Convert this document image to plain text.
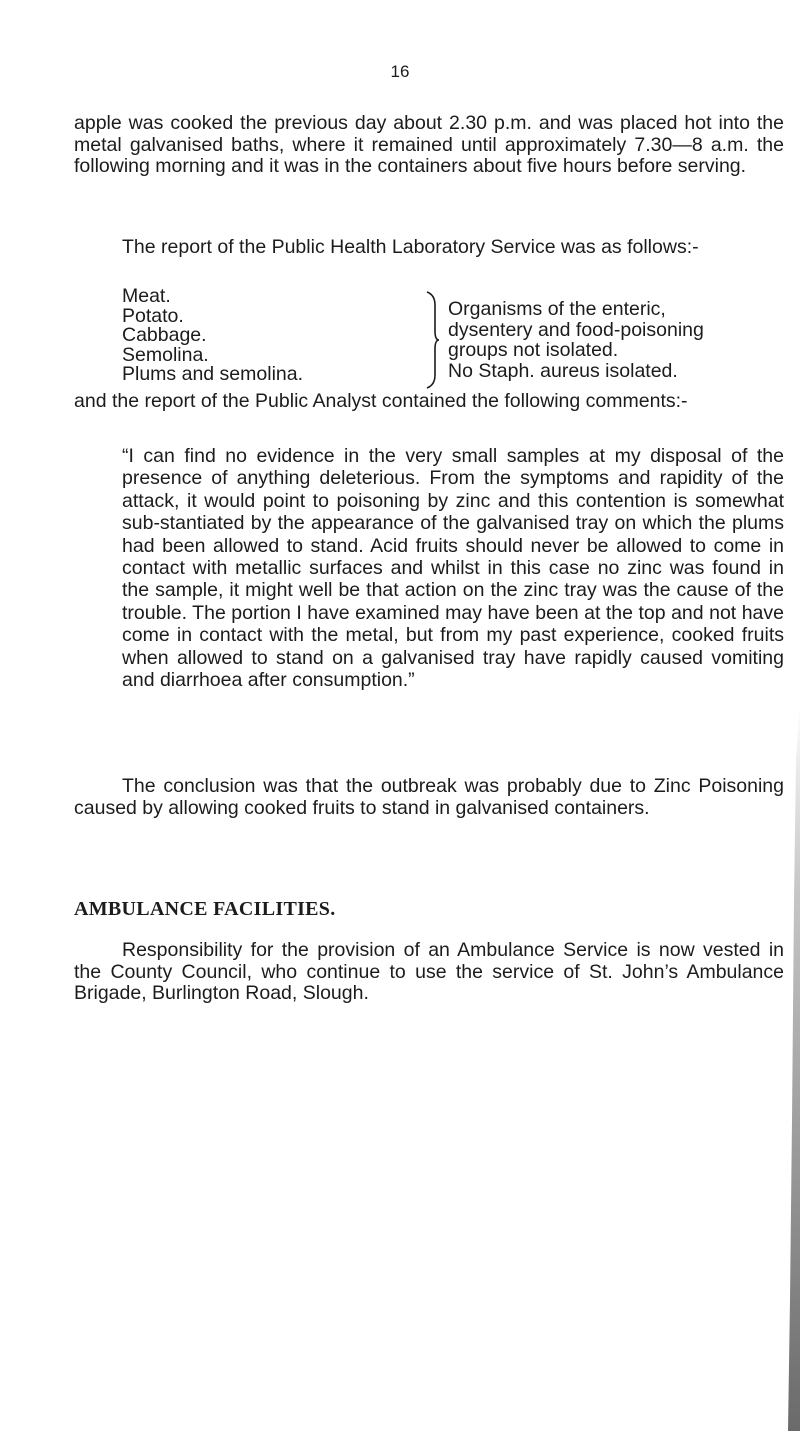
16

apple was cooked the previous day about 2.30 p.m. and was placed hot into the metal galvanised baths, where it remained until approximately 7.30—8 a.m. the following morning and it was in the containers about five hours before serving.

The report of the Public Health Laboratory Service was as follows:-

Meat.
Potato.
Cabbage.
Semolina.
Plums and semolina.
Organisms of the enteric,
dysentery and food-poisoning
groups not isolated.
No Staph. aureus isolated.

and the report of the Public Analyst contained the following comments:-

“I can find no evidence in the very small samples at my disposal of the presence of anything deleterious. From the symptoms and rapidity of the attack, it would point to poisoning by zinc and this contention is somewhat sub-stantiated by the appearance of the galvanised tray on which the plums had been allowed to stand. Acid fruits should never be allowed to come in contact with metallic surfaces and whilst in this case no zinc was found in the sample, it might well be that action on the zinc tray was the cause of the trouble. The portion I have examined may have been at the top and not have come in contact with the metal, but from my past experience, cooked fruits when allowed to stand on a galvanised tray have rapidly caused vomiting and diarrhoea after consumption.”

The conclusion was that the outbreak was probably due to Zinc Poisoning caused by allowing cooked fruits to stand in galvanised containers.

AMBULANCE FACILITIES.

Responsibility for the provision of an Ambulance Service is now vested in the County Council, who continue to use the service of St. John’s Ambulance Brigade, Burlington Road, Slough.
